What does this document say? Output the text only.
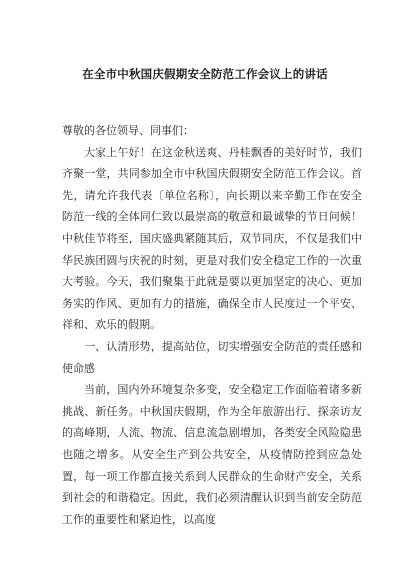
在全市中秋国庆假期安全防范工作会议上的讲话

尊敬的各位领导、同事们：

大家上午好！在这金秋送爽、丹桂飘香的美好时节，我们齐聚一堂，共同参加全市中秋国庆假期安全防范工作会议。首先，请允许我代表〔单位名称〕，向长期以来辛勤工作在安全防范一线的全体同仁致以最崇高的敬意和最诚挚的节日问候！中秋佳节将至，国庆盛典紧随其后，双节同庆，不仅是我们中华民族团圆与庆祝的时刻，更是对我们安全稳定工作的一次重大考验。今天，我们聚集于此就是要以更加坚定的决心、更加务实的作风、更加有力的措施，确保全市人民度过一个平安、祥和、欢乐的假期。

一、认清形势，提高站位，切实增强安全防范的责任感和使命感

当前，国内外环境复杂多变，安全稳定工作面临着诸多新挑战、新任务。中秋国庆假期，作为全年旅游出行、探亲访友的高峰期，人流、物流、信息流急剧增加，各类安全风险隐患也随之增多。从安全生产到公共安全，从疫情防控到应急处置，每一项工作都直接关系到人民群众的生命财产安全，关系到社会的和谐稳定。因此，我们必须清醒认识到当前安全防范工作的重要性和紧迫性，以高度
